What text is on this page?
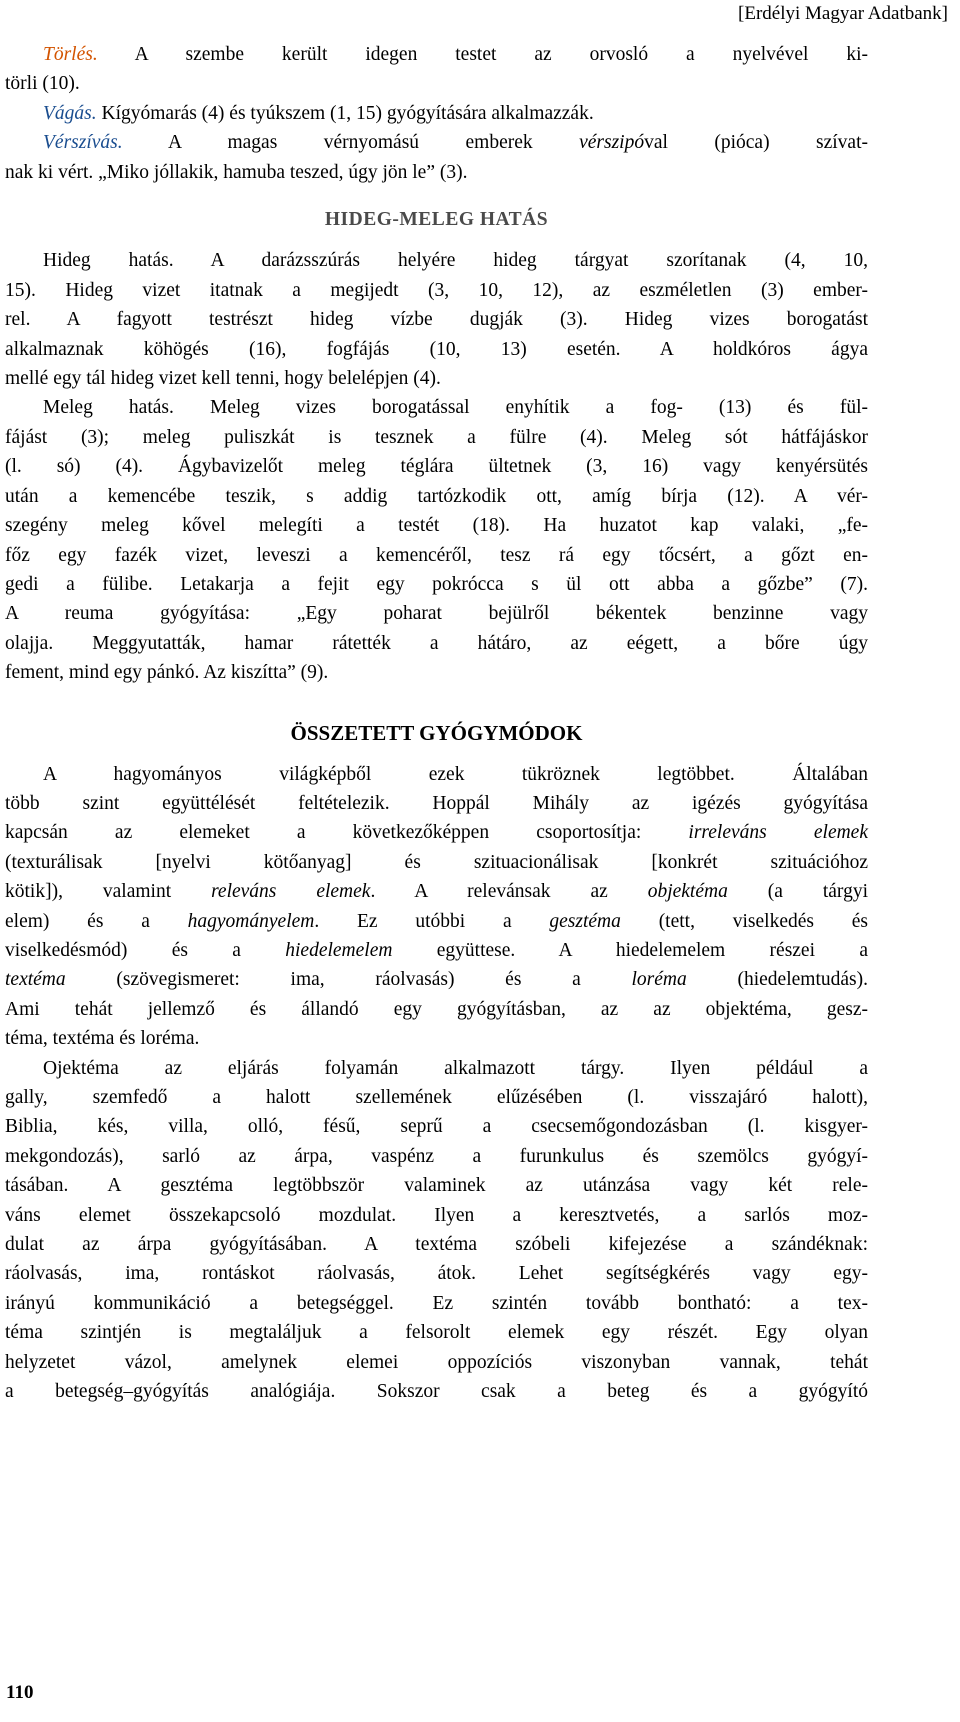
[Erdélyi Magyar Adatbank]

Törlés. A szembe került idegen testet az orvosló a nyelvével ki-

törli (10).

Vágás. Kígyómarás (4) és tyúkszem (1, 15) gyógyítására alkalmazzák.

Vérszívás. A magas vérnyomású emberek vérszipóval (pióca) szívat-

nak ki vért. „Miko jóllakik, hamuba teszed, úgy jön le” (3).

HIDEG-MELEG HATÁS

Hideg hatás. A darázsszúrás helyére hideg tárgyat szorítanak (4, 10,

15). Hideg vizet itatnak a megijedt (3, 10, 12), az eszméletlen (3) ember-

rel. A fagyott testrészt hideg vízbe dugják (3). Hideg vizes borogatást

alkalmaznak köhögés (16), fogfájás (10, 13) esetén. A holdkóros ágya

mellé egy tál hideg vizet kell tenni, hogy belelépjen (4).

Meleg hatás. Meleg vizes borogatással enyhítik a fog- (13) és fül-

fájást (3); meleg puliszkát is tesznek a fülre (4). Meleg sót hátfájáskor

(l. só) (4). Ágybavizelőt meleg téglára ültetnek (3, 16) vagy kenyérsütés

után a kemencébe teszik, s addig tartózkodik ott, amíg bírja (12). A vér-

szegény meleg kővel melegíti a testét (18). Ha huzatot kap valaki, „fe-

főz egy fazék vizet, leveszi a kemencéről, tesz rá egy tőcsért, a gőzt en-

gedi a fülibe. Letakarja a fejit egy pokrócca s ül ott abba a gőzbe” (7).

A reuma gyógyítása: „Egy poharat bejülről békentek benzinne vagy

olajja. Meggyutatták, hamar rátették a hátáro, az eégett, a bőre úgy

fement, mind egy pánkó. Az kiszítta” (9).

ÖSSZETETT GYÓGYMÓDOK

A hagyományos világképből ezek tükröznek legtöbbet. Általában

több szint együttélését feltételezik. Hoppál Mihály az igézés gyógyítása

kapcsán az elemeket a következőképpen csoportosítja: irreleváns elemek

(texturálisak [nyelvi kötőanyag] és szituacionálisak [konkrét szituációhoz

kötik]), valamint releváns elemek. A relevánsak az objektéma (a tárgyi

elem) és a hagyományelem. Ez utóbbi a gesztéma (tett, viselkedés és

viselkedésmód) és a hiedelemelem együttese. A hiedelemelem részei a

textéma (szövegismeret: ima, ráolvasás) és a loréma (hiedelemtudás).

Ami tehát jellemző és állandó egy gyógyításban, az az objektéma, gesz-

téma, textéma és loréma.

Ojektéma az eljárás folyamán alkalmazott tárgy. Ilyen például a

gally, szemfedő a halott szellemének elűzésében (l. visszajáró halott),

Biblia, kés, villa, olló, fésű, seprű a csecsemőgondozásban (l. kisgyer-

mekgondozás), sarló az árpa, vaspénz a furunkulus és szemölcs gyógyí-

tásában. A gesztéma legtöbbször valaminek az utánzása vagy két rele-

váns elemet összekapcsoló mozdulat. Ilyen a keresztvetés, a sarlós moz-

dulat az árpa gyógyításában. A textéma szóbeli kifejezése a szándéknak:

ráolvasás, ima, rontáskot ráolvasás, átok. Lehet segítségkérés vagy egy-

irányú kommunikáció a betegséggel. Ez szintén tovább bontható: a tex-

téma szintjén is megtaláljuk a felsorolt elemek egy részét. Egy olyan

helyzetet vázol, amelynek elemei oppozíciós viszonyban vannak, tehát

a betegség–gyógyítás analógiája. Sokszor csak a beteg és a gyógyító

110
